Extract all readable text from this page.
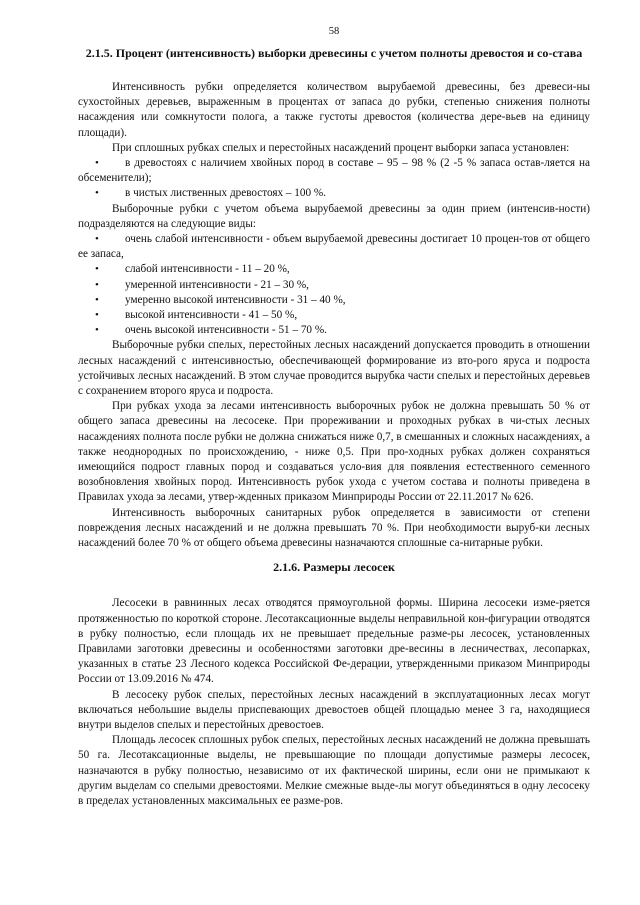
58
2.1.5. Процент (интенсивность) выборки древесины с учетом полноты древостоя и со-става

Интенсивность рубки определяется количеством вырубаемой древесины, без древеси-ны сухостойных деревьев, выраженным в процентах от запаса до рубки, степенью снижения полноты насаждения или сомкнутости полога, а также густоты древостоя (количества дере-вьев на единицу площади).

При сплошных рубках спелых и перестойных насаждений процент выборки запаса установлен:

• в древостоях с наличием хвойных пород в составе – 95 – 98 % (2 -5 % запаса остав-ляется на обсеменители);
• в чистых лиственных древостоях – 100 %.

Выборочные рубки с учетом объема вырубаемой древесины за один прием (интенсив-ности) подразделяются на следующие виды:

• очень слабой интенсивности - объем вырубаемой древесины достигает 10 процен-тов от общего ее запаса,
• слабой интенсивности - 11 – 20 %,
• умеренной интенсивности - 21 – 30 %,
• умеренно высокой интенсивности - 31 – 40 %,
• высокой интенсивности - 41 – 50 %,
• очень высокой интенсивности - 51 – 70 %.

Выборочные рубки спелых, перестойных лесных насаждений допускается проводить в отношении лесных насаждений с интенсивностью, обеспечивающей формирование из вто-рого яруса и подроста устойчивых лесных насаждений. В этом случае проводится вырубка части спелых и перестойных деревьев с сохранением второго яруса и подроста.

При рубках ухода за лесами интенсивность выборочных рубок не должна превышать 50 % от общего запаса древесины на лесосеке. При прореживании и проходных рубках в чи-стых лесных насаждениях полнота после рубки не должна снижаться ниже 0,7, в смешанных и сложных насаждениях, а также неоднородных по происхождению, - ниже 0,5. При про-ходных рубках должен сохраняться имеющийся подрост главных пород и создаваться усло-вия для появления естественного семенного возобновления хвойных пород. Интенсивность рубок ухода с учетом состава и полноты приведена в Правилах ухода за лесами, утвер-жденных приказом Минприроды России от 22.11.2017 № 626.

Интенсивность выборочных санитарных рубок определяется в зависимости от степени повреждения лесных насаждений и не должна превышать 70 %. При необходимости выруб-ки лесных насаждений более 70 % от общего объема древесины назначаются сплошные са-нитарные рубки.

2.1.6. Размеры лесосек

Лесосеки в равнинных лесах отводятся прямоугольной формы. Ширина лесосеки изме-ряется протяженностью по короткой стороне. Лесотаксационные выделы неправильной кон-фигурации отводятся в рубку полностью, если площадь их не превышает предельные разме-ры лесосек, установленных Правилами заготовки древесины и особенностями заготовки дре-весины в лесничествах, лесопарках, указанных в статье 23 Лесного кодекса Российской Фе-дерации, утвержденными приказом Минприроды России от 13.09.2016 № 474.

В лесосеку рубок спелых, перестойных лесных насаждений в эксплуатационных лесах могут включаться небольшие выделы приспевающих древостоев общей площадью менее 3 га, находящиеся внутри выделов спелых и перестойных древостоев.

Площадь лесосек сплошных рубок спелых, перестойных лесных насаждений не должна превышать 50 га. Лесотаксационные выделы, не превышающие по площади допустимые размеры лесосек, назначаются в рубку полностью, независимо от их фактической ширины, если они не примыкают к другим выделам со спелыми древостоями. Мелкие смежные выде-лы могут объединяться в одну лесосеку в пределах установленных максимальных ее разме-ров.
